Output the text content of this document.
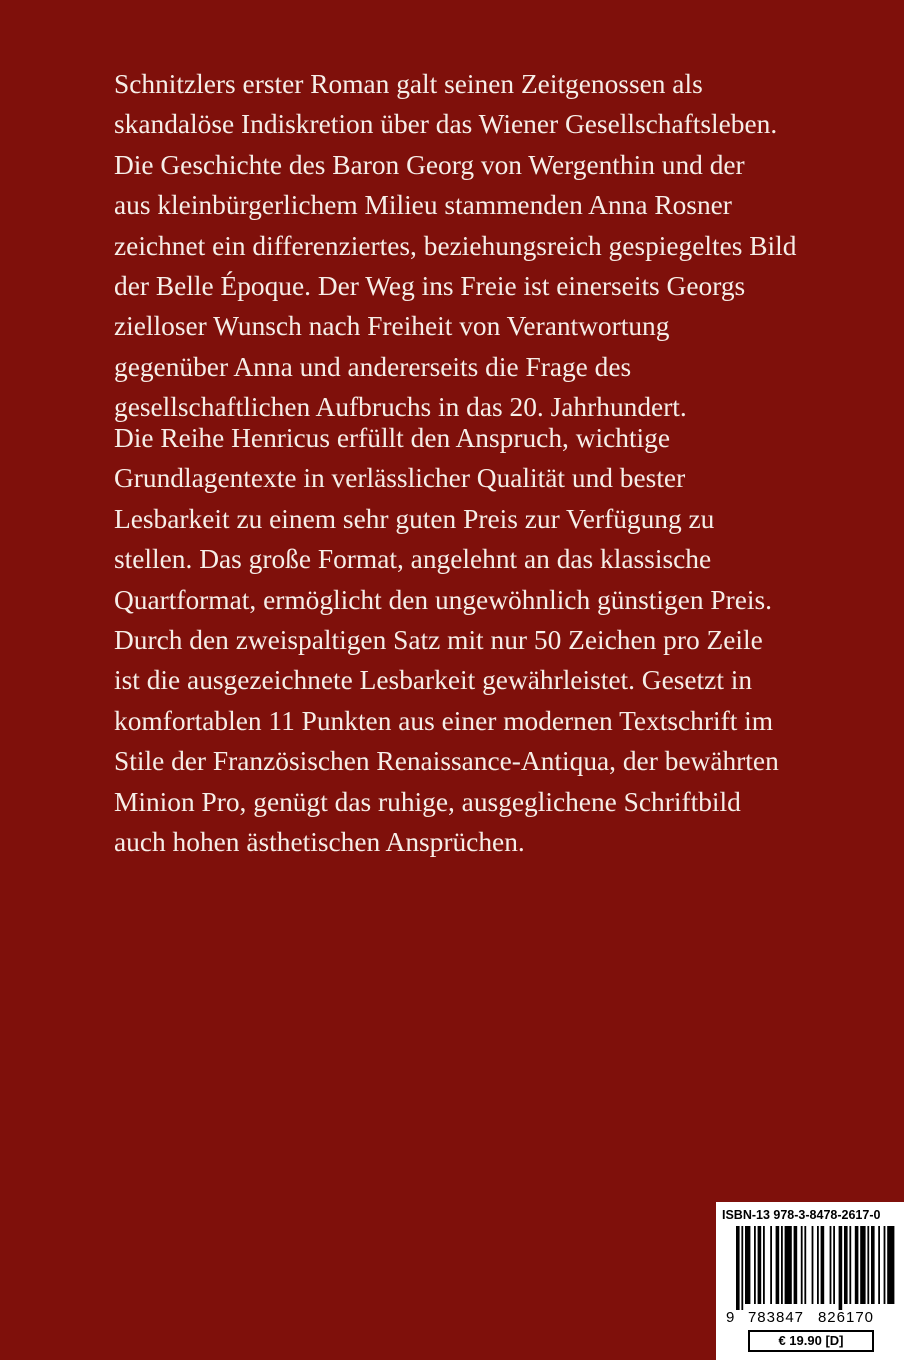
Schnitzlers erster Roman galt seinen Zeitgenossen als
skandalöse Indiskretion über das Wiener Gesellschaftsleben.
Die Geschichte des Baron Georg von Wergenthin und der
aus kleinbürgerlichem Milieu stammenden Anna Rosner
zeichnet ein differenziertes, beziehungsreich gespiegeltes Bild
der Belle Époque. Der Weg ins Freie ist einerseits Georgs
zielloser Wunsch nach Freiheit von Verantwortung
gegenüber Anna und andererseits die Frage des
gesellschaftlichen Aufbruchs in das 20. Jahrhundert.
Die Reihe Henricus erfüllt den Anspruch, wichtige
Grundlagentexte in verlässlicher Qualität und bester
Lesbarkeit zu einem sehr guten Preis zur Verfügung zu
stellen. Das große Format, angelehnt an das klassische
Quartformat, ermöglicht den ungewöhnlich günstigen Preis.
Durch den zweispaltigen Satz mit nur 50 Zeichen pro Zeile
ist die ausgezeichnete Lesbarkeit gewährleistet. Gesetzt in
komfortablen 11 Punkten aus einer modernen Textschrift im
Stile der Französischen Renaissance-Antiqua, der bewährten
Minion Pro, genügt das ruhige, ausgeglichene Schriftbild
auch hohen ästhetischen Ansprüchen.
ISBN-13 978-3-8478-2617-0
9 783847 826170
€ 19.90 [D]
